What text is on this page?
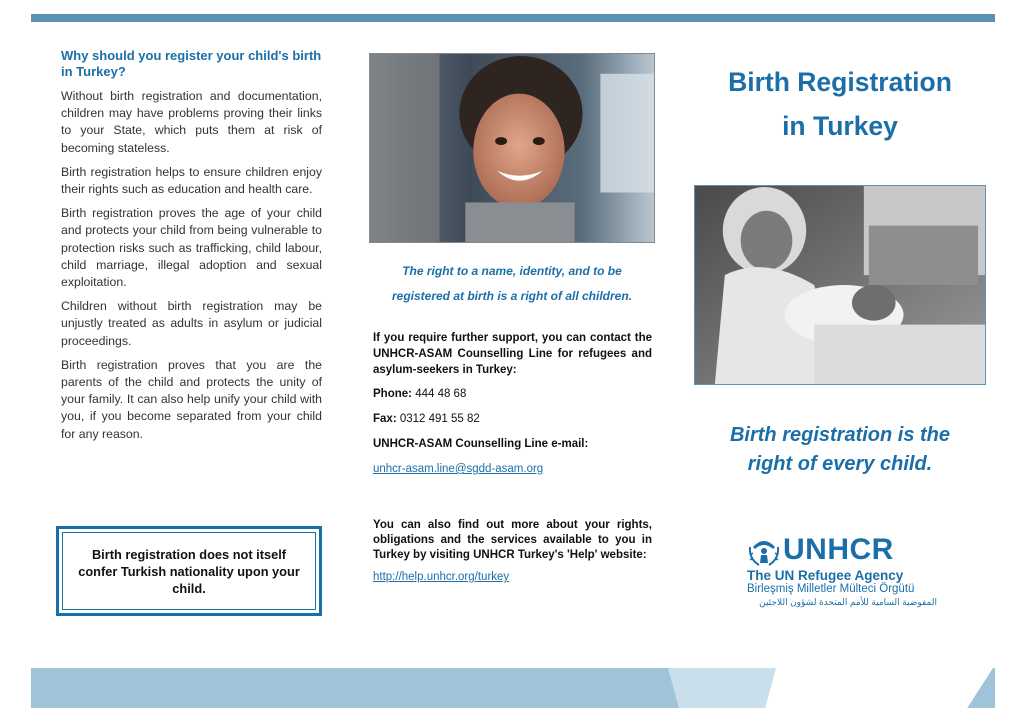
Why should you register your child's birth in Turkey?

Without birth registration and documentation, children may have problems proving their links to your State, which puts them at risk of becoming stateless.

Birth registration helps to ensure children enjoy their rights such as education and health care.

Birth registration proves the age of your child and protects your child from being vulnerable to protection risks such as trafficking, child labour, child marriage, illegal adoption and sexual exploitation.

Children without birth registration may be unjustly treated as adults in asylum or judicial proceedings.

Birth registration proves that you are the parents of the child and protects the unity of your family. It can also help unify your child with you, if you become separated from your child for any reason.

Birth registration does not itself confer Turkish nationality upon your child.
The right to a name, identity, and to be
registered at birth is a right of all children.

If you require further support, you can contact the UNHCR-ASAM Counselling Line for refugees and asylum-seekers in Turkey:

Phone: 444 48 68

Fax: 0312 491 55 82

UNHCR-ASAM Counselling Line e-mail:

unhcr-asam.line@sgdd-asam.org

You can also find out more about your rights, obligations and the services available to you in Turkey by visiting UNHCR Turkey's 'Help' website:

http://help.unhcr.org/turkey
Birth Registration
in Turkey
Birth registration is the
right of every child.
UNHCR
The UN Refugee Agency
Birleşmiş Milletler Mülteci Örgütü
المفوضية السامية للأمم المتحدة لشؤون اللاجئين
